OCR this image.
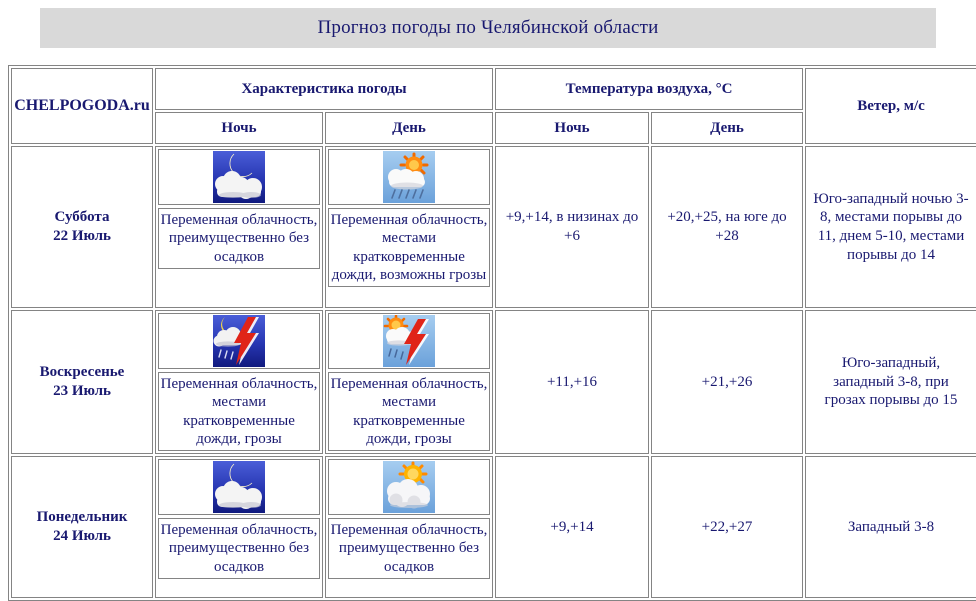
Прогноз погоды по Челябинской области
CHELPOGODA.ru	Характеристика погоды		Температура воздуха, °C		Ветер, м/с
	Ночь	День	Ночь	День	

Суббота
22 Июль	Переменная облачность, преимущественно без осадков	Переменная облачность, местами кратковременные дожди, возможны грозы	+9,+14, в низинах до +6	+20,+25, на юге до +28	Юго-западный ночью 3-8, местами порывы до 11, днем 5-10, местами порывы до 14

Воскресенье
23 Июль	Переменная облачность, местами кратковременные дожди, грозы	Переменная облачность, местами кратковременные дожди, грозы	+11,+16	+21,+26	Юго-западный, западный 3-8, при грозах порывы до 15

Понедельник
24 Июль	Переменная облачность, преимущественно без осадков	Переменная облачность, преимущественно без осадков	+9,+14	+22,+27	Западный 3-8
